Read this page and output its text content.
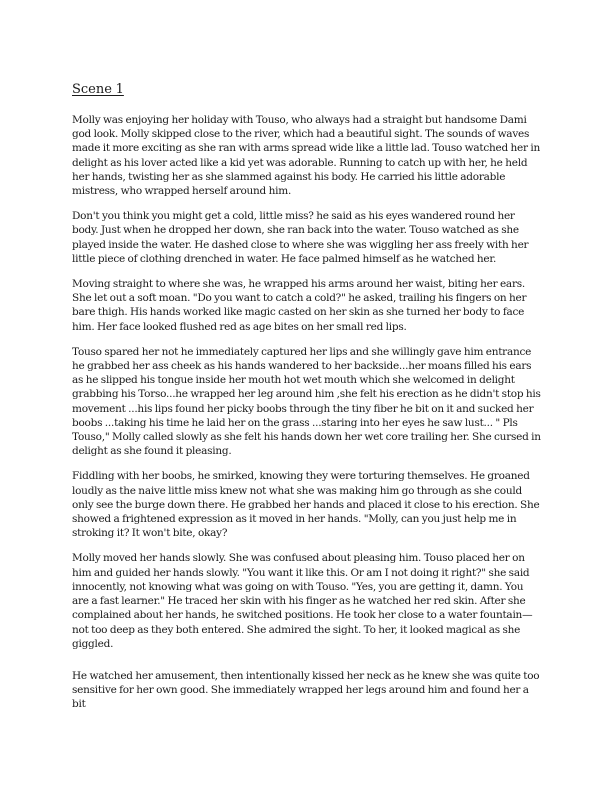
Scene 1

Molly was enjoying her holiday with Touso, who always had a straight but handsome Dami god look. Molly skipped close to the river, which had a beautiful sight. The sounds of waves made it more exciting as she ran with arms spread wide like a little lad. Touso watched her in delight as his lover acted like a kid yet was adorable. Running to catch up with her, he held her hands, twisting her as she slammed against his body. He carried his little adorable mistress, who wrapped herself around him.

Don't you think you might get a cold, little miss? he said as his eyes wandered round her body. Just when he dropped her down, she ran back into the water. Touso watched as she played inside the water. He dashed close to where she was wiggling her ass freely with her little piece of clothing drenched in water. He face palmed himself as he watched her.

Moving straight to where she was, he wrapped his arms around her waist, biting her ears. She let out a soft moan. "Do you want to catch a cold?" he asked, trailing his fingers on her bare thigh. His hands worked like magic casted on her skin as she turned her body to face him. Her face looked flushed red as age bites on her small red lips.

Touso spared her not he immediately captured her lips and she willingly gave him entrance he grabbed her ass cheek as his hands wandered to her backside...her moans filled his ears as he slipped his tongue inside her mouth hot wet mouth which she welcomed in delight grabbing his Torso...he wrapped her leg around him ,she felt his erection as he didn't stop his movement ...his lips found her picky boobs through the tiny fiber he bit on it and sucked her boobs ...taking his time he laid her on the grass ...staring into her eyes he saw lust... " Pls Touso," Molly called slowly as she felt his hands down her wet core trailing her. She cursed in delight as she found it pleasing.

Fiddling with her boobs, he smirked, knowing they were torturing themselves. He groaned loudly as the naive little miss knew not what she was making him go through as she could only see the burge down there. He grabbed her hands and placed it close to his erection. She showed a frightened expression as it moved in her hands. "Molly, can you just help me in stroking it? It won't bite, okay?

Molly moved her hands slowly. She was confused about pleasing him. Touso placed her on him and guided her hands slowly. "You want it like this. Or am I not doing it right?" she said innocently, not knowing what was going on with Touso. "Yes, you are getting it, damn. You are a fast learner." He traced her skin with his finger as he watched her red skin. After she complained about her hands, he switched positions. He took her close to a water fountain—not too deep as they both entered. She admired the sight. To her, it looked magical as she giggled.

He watched her amusement, then intentionally kissed her neck as he knew she was quite too sensitive for her own good. She immediately wrapped her legs around him and found her a bit
